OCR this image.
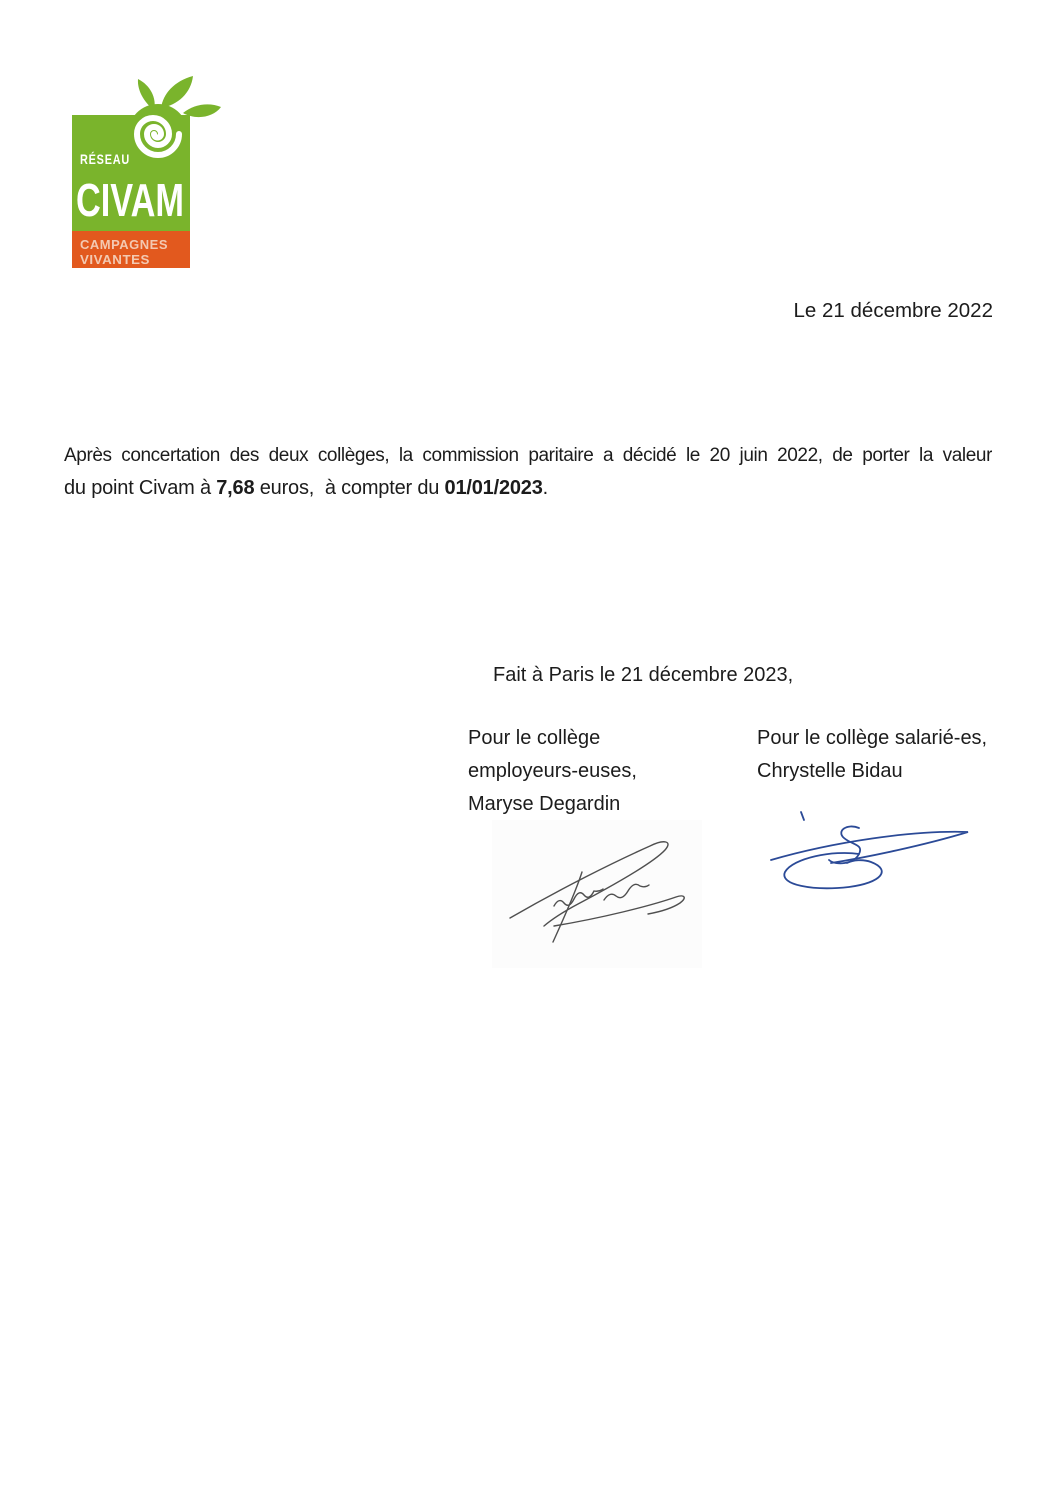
RÉSEAU
CIVAM
CAMPAGNES
VIVANTES
Le 21 décembre 2022
Après concertation des deux collèges, la commission paritaire a décidé le 20 juin 2022, de porter la valeur
du point Civam à 7,68 euros,  à compter du 01/01/2023.
Fait à Paris le 21 décembre 2023,
Pour le collège
employeurs-euses,
Maryse Degardin
Pour le collège salarié-es,
Chrystelle Bidau
